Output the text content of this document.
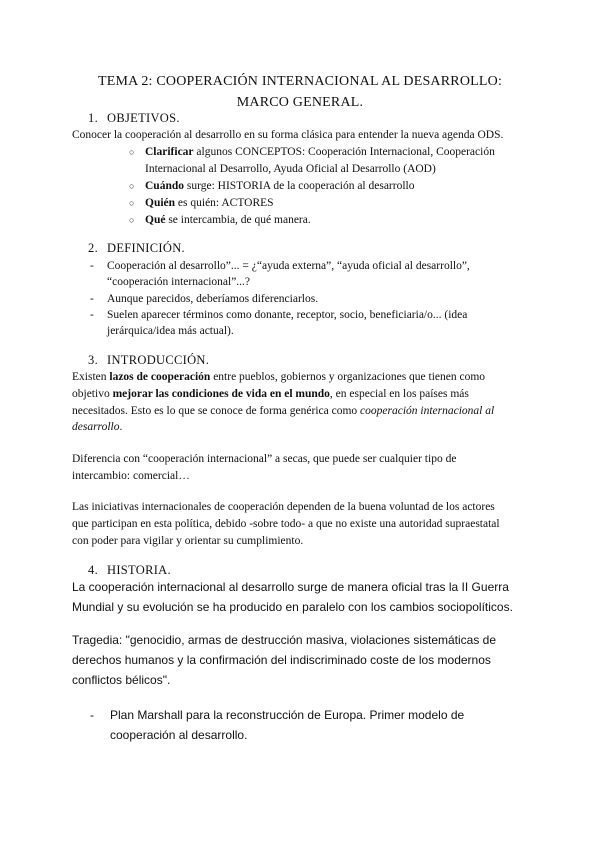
TEMA 2: COOPERACIÓN INTERNACIONAL AL DESARROLLO:
MARCO GENERAL.
1. OBJETIVOS.
Conocer la cooperación al desarrollo en su forma clásica para entender la nueva agenda ODS.
○ Clarificar algunos CONCEPTOS: Cooperación Internacional, Cooperación
Internacional al Desarrollo, Ayuda Oficial al Desarrollo (AOD)
○ Cuándo surge: HISTORIA de la cooperación al desarrollo
○ Quién es quién: ACTORES
○ Qué se intercambia, de qué manera.
2. DEFINICIÓN.
-	Cooperación al desarrollo”... = ¿“ayuda externa”, “ayuda oficial al desarrollo”,
“cooperación internacional”...?
-	Aunque parecidos, deberíamos diferenciarlos.
-	Suelen aparecer términos como donante, receptor, socio, beneficiaria/o... (idea
jerárquica/idea más actual).
3. INTRODUCCIÓN.
Existen lazos de cooperación entre pueblos, gobiernos y organizaciones que tienen como
objetivo mejorar las condiciones de vida en el mundo, en especial en los países más
necesitados. Esto es lo que se conoce de forma genérica como cooperación internacional al
desarrollo.
Diferencia con “cooperación internacional” a secas, que puede ser cualquier tipo de
intercambio: comercial…
Las iniciativas internacionales de cooperación dependen de la buena voluntad de los actores
que participan en esta política, debido -sobre todo- a que no existe una autoridad supraestatal
con poder para vigilar y orientar su cumplimiento.
4. HISTORIA.
La cooperación internacional al desarrollo surge de manera oficial tras la II Guerra
Mundial y su evolución se ha producido en paralelo con los cambios sociopolíticos.
Tragedia: "genocidio, armas de destrucción masiva, violaciones sistemáticas de
derechos humanos y la confirmación del indiscriminado coste de los modernos
conflictos bélicos".
-	Plan Marshall para la reconstrucción de Europa. Primer modelo de
cooperación al desarrollo.
